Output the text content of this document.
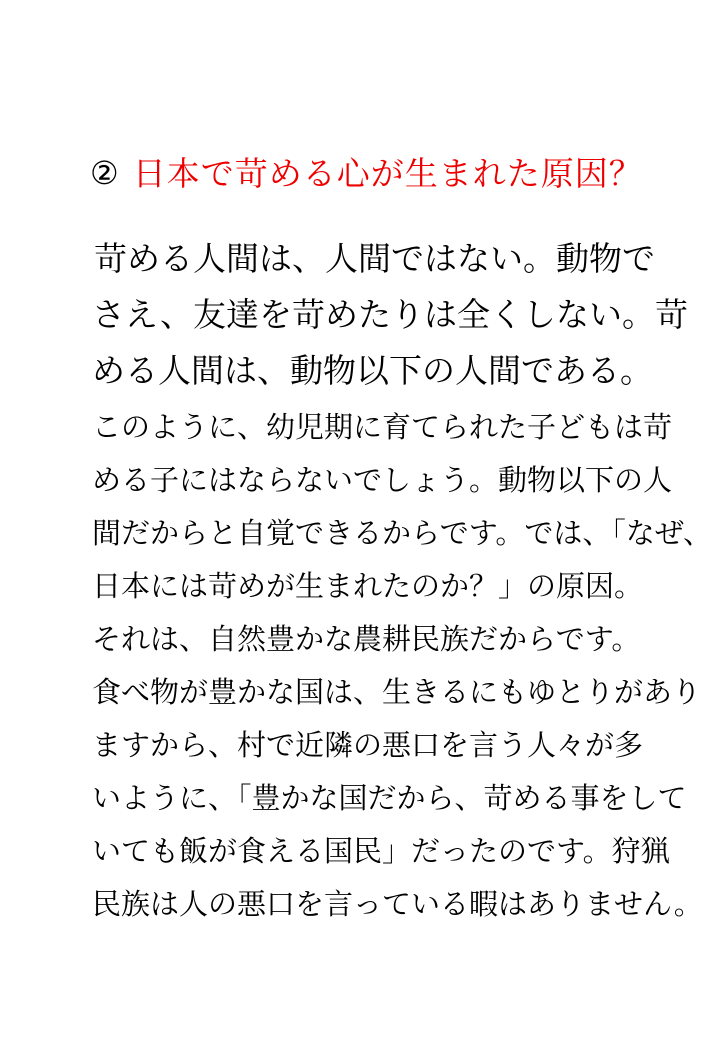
② 日本で苛める心が生まれた原因？
苛める人間は、人間ではない。動物で
さえ、友達を苛めたりは全くしない。苛
める人間は、動物以下の人間である。
このように、幼児期に育てられた子どもは苛
める子にはならないでしょう。動物以下の人
間だからと自覚できるからです。では、「なぜ、
日本には苛めが生まれたのか？」の原因。
それは、自然豊かな農耕民族だからです。
食べ物が豊かな国は、生きるにもゆとりがあり
ますから、村で近隣の悪口を言う人々が多
いように、「豊かな国だから、苛める事をして
いても飯が食える国民」だったのです。狩猟
民族は人の悪口を言っている暇はありません。
